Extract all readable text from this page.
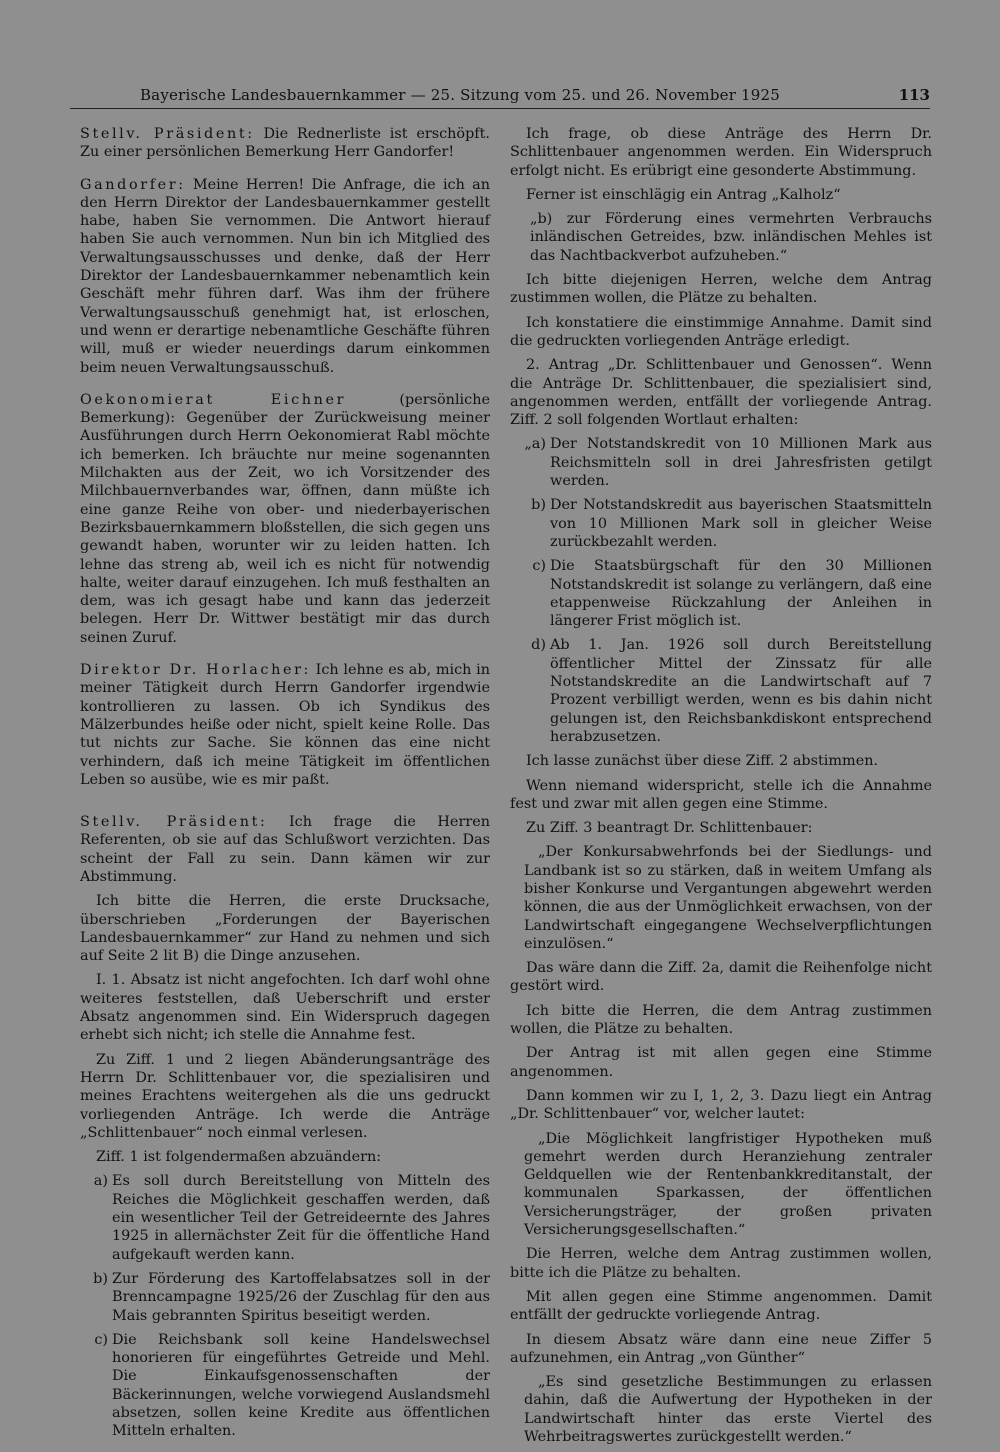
Bayerische Landesbauernkammer — 25. Sitzung vom 25. und 26. November 1925	113

Stellv. Präsident: Die Rednerliste ist erschöpft. Zu einer persönlichen Bemerkung Herr Gandorfer!

Gandorfer: Meine Herren! Die Anfrage, die ich an den Herrn Direktor der Landesbauernkammer gestellt habe, haben Sie vernommen. Die Antwort hierauf haben Sie auch vernommen. Nun bin ich Mitglied des Verwaltungsausschusses und denke, daß der Herr Direktor der Landesbauernkammer nebenamtlich kein Geschäft mehr führen darf. Was ihm der frühere Verwaltungsausschuß genehmigt hat, ist erloschen, und wenn er derartige nebenamtliche Geschäfte führen will, muß er wieder neuerdings darum einkommen beim neuen Verwaltungsausschuß.

Oekonomierat Eichner (persönliche Bemerkung): Gegenüber der Zurückweisung meiner Ausführungen durch Herrn Oekonomierat Rabl möchte ich bemerken. Ich bräuchte nur meine sogenannten Milchakten aus der Zeit, wo ich Vorsitzender des Milchbauernverbandes war, öffnen, dann müßte ich eine ganze Reihe von ober- und niederbayerischen Bezirksbauernkammern bloßstellen, die sich gegen uns gewandt haben, worunter wir zu leiden hatten. Ich lehne das streng ab, weil ich es nicht für notwendig halte, weiter darauf einzugehen. Ich muß festhalten an dem, was ich gesagt habe und kann das jederzeit belegen. Herr Dr. Wittwer bestätigt mir das durch seinen Zuruf.

Direktor Dr. Horlacher: Ich lehne es ab, mich in meiner Tätigkeit durch Herrn Gandorfer irgendwie kontrollieren zu lassen. Ob ich Syndikus des Mälzerbundes heiße oder nicht, spielt keine Rolle. Das tut nichts zur Sache. Sie können das eine nicht verhindern, daß ich meine Tätigkeit im öffentlichen Leben so ausübe, wie es mir paßt.

Stellv. Präsident: Ich frage die Herren Referenten, ob sie auf das Schlußwort verzichten. Das scheint der Fall zu sein. Dann kämen wir zur Abstimmung.

Ich bitte die Herren, die erste Drucksache, überschrieben „Forderungen der Bayerischen Landesbauernkammer“ zur Hand zu nehmen und sich auf Seite 2 lit B) die Dinge anzusehen.

I. 1. Absatz ist nicht angefochten. Ich darf wohl ohne weiteres feststellen, daß Ueberschrift und erster Absatz angenommen sind. Ein Widerspruch dagegen erhebt sich nicht; ich stelle die Annahme fest.

Zu Ziff. 1 und 2 liegen Abänderungsanträge des Herrn Dr. Schlittenbauer vor, die spezialisiren und meines Erachtens weitergehen als die uns gedruckt vorliegenden Anträge. Ich werde die Anträge „Schlittenbauer“ noch einmal verlesen.

Ziff. 1 ist folgendermaßen abzuändern:

a) Es soll durch Bereitstellung von Mitteln des Reiches die Möglichkeit geschaffen werden, daß ein wesentlicher Teil der Getreideernte des Jahres 1925 in allernächster Zeit für die öffentliche Hand aufgekauft werden kann.
b) Zur Förderung des Kartoffelabsatzes soll in der Brenncampagne 1925/26 der Zuschlag für den aus Mais gebrannten Spiritus beseitigt werden.
c) Die Reichsbank soll keine Handelswechsel honorieren für eingeführtes Getreide und Mehl. Die Einkaufsgenossenschaften der Bäckerinnungen, welche vorwiegend Auslandsmehl absetzen, sollen keine Kredite aus öffentlichen Mitteln erhalten.

Ich frage, ob diese Anträge des Herrn Dr. Schlittenbauer angenommen werden. Ein Widerspruch erfolgt nicht. Es erübrigt eine gesonderte Abstimmung.

Ferner ist einschlägig ein Antrag „Kalholz“

„b) zur Förderung eines vermehrten Verbrauchs inländischen Getreides, bzw. inländischen Mehles ist das Nachtbackverbot aufzuheben.“

Ich bitte diejenigen Herren, welche dem Antrag zustimmen wollen, die Plätze zu behalten.

Ich konstatiere die einstimmige Annahme. Damit sind die gedruckten vorliegenden Anträge erledigt.

2. Antrag „Dr. Schlittenbauer und Genossen“. Wenn die Anträge Dr. Schlittenbauer, die spezialisiert sind, angenommen werden, entfällt der vorliegende Antrag. Ziff. 2 soll folgenden Wortlaut erhalten:

„a) Der Notstandskredit von 10 Millionen Mark aus Reichsmitteln soll in drei Jahresfristen getilgt werden.
b) Der Notstandskredit aus bayerischen Staatsmitteln von 10 Millionen Mark soll in gleicher Weise zurückbezahlt werden.
c) Die Staatsbürgschaft für den 30 Millionen Notstandskredit ist solange zu verlängern, daß eine etappenweise Rückzahlung der Anleihen in längerer Frist möglich ist.
d) Ab 1. Jan. 1926 soll durch Bereitstellung öffentlicher Mittel der Zinssatz für alle Notstandskredite an die Landwirtschaft auf 7 Prozent verbilligt werden, wenn es bis dahin nicht gelungen ist, den Reichsbankdiskont entsprechend herabzusetzen.

Ich lasse zunächst über diese Ziff. 2 abstimmen.

Wenn niemand widerspricht, stelle ich die Annahme fest und zwar mit allen gegen eine Stimme.

Zu Ziff. 3 beantragt Dr. Schlittenbauer:

„Der Konkursabwehrfonds bei der Siedlungs- und Landbank ist so zu stärken, daß in weitem Umfang als bisher Konkurse und Vergantungen abgewehrt werden können, die aus der Unmöglichkeit erwachsen, von der Landwirtschaft eingegangene Wechselverpflichtungen einzulösen.“

Das wäre dann die Ziff. 2a, damit die Reihenfolge nicht gestört wird.

Ich bitte die Herren, die dem Antrag zustimmen wollen, die Plätze zu behalten.

Der Antrag ist mit allen gegen eine Stimme angenommen.

Dann kommen wir zu I, 1, 2, 3. Dazu liegt ein Antrag „Dr. Schlittenbauer“ vor, welcher lautet:

„Die Möglichkeit langfristiger Hypotheken muß gemehrt werden durch Heranziehung zentraler Geldquellen wie der Rentenbankkreditanstalt, der kommunalen Sparkassen, der öffentlichen Versicherungsträger, der großen privaten Versicherungsgesellschaften.“

Die Herren, welche dem Antrag zustimmen wollen, bitte ich die Plätze zu behalten.

Mit allen gegen eine Stimme angenommen. Damit entfällt der gedruckte vorliegende Antrag.

In diesem Absatz wäre dann eine neue Ziffer 5 aufzunehmen, ein Antrag „von Günther“

„Es sind gesetzliche Bestimmungen zu erlassen dahin, daß die Aufwertung der Hypotheken in der Landwirtschaft hinter das erste Viertel des Wehrbeitragswertes zurückgestellt werden.“
